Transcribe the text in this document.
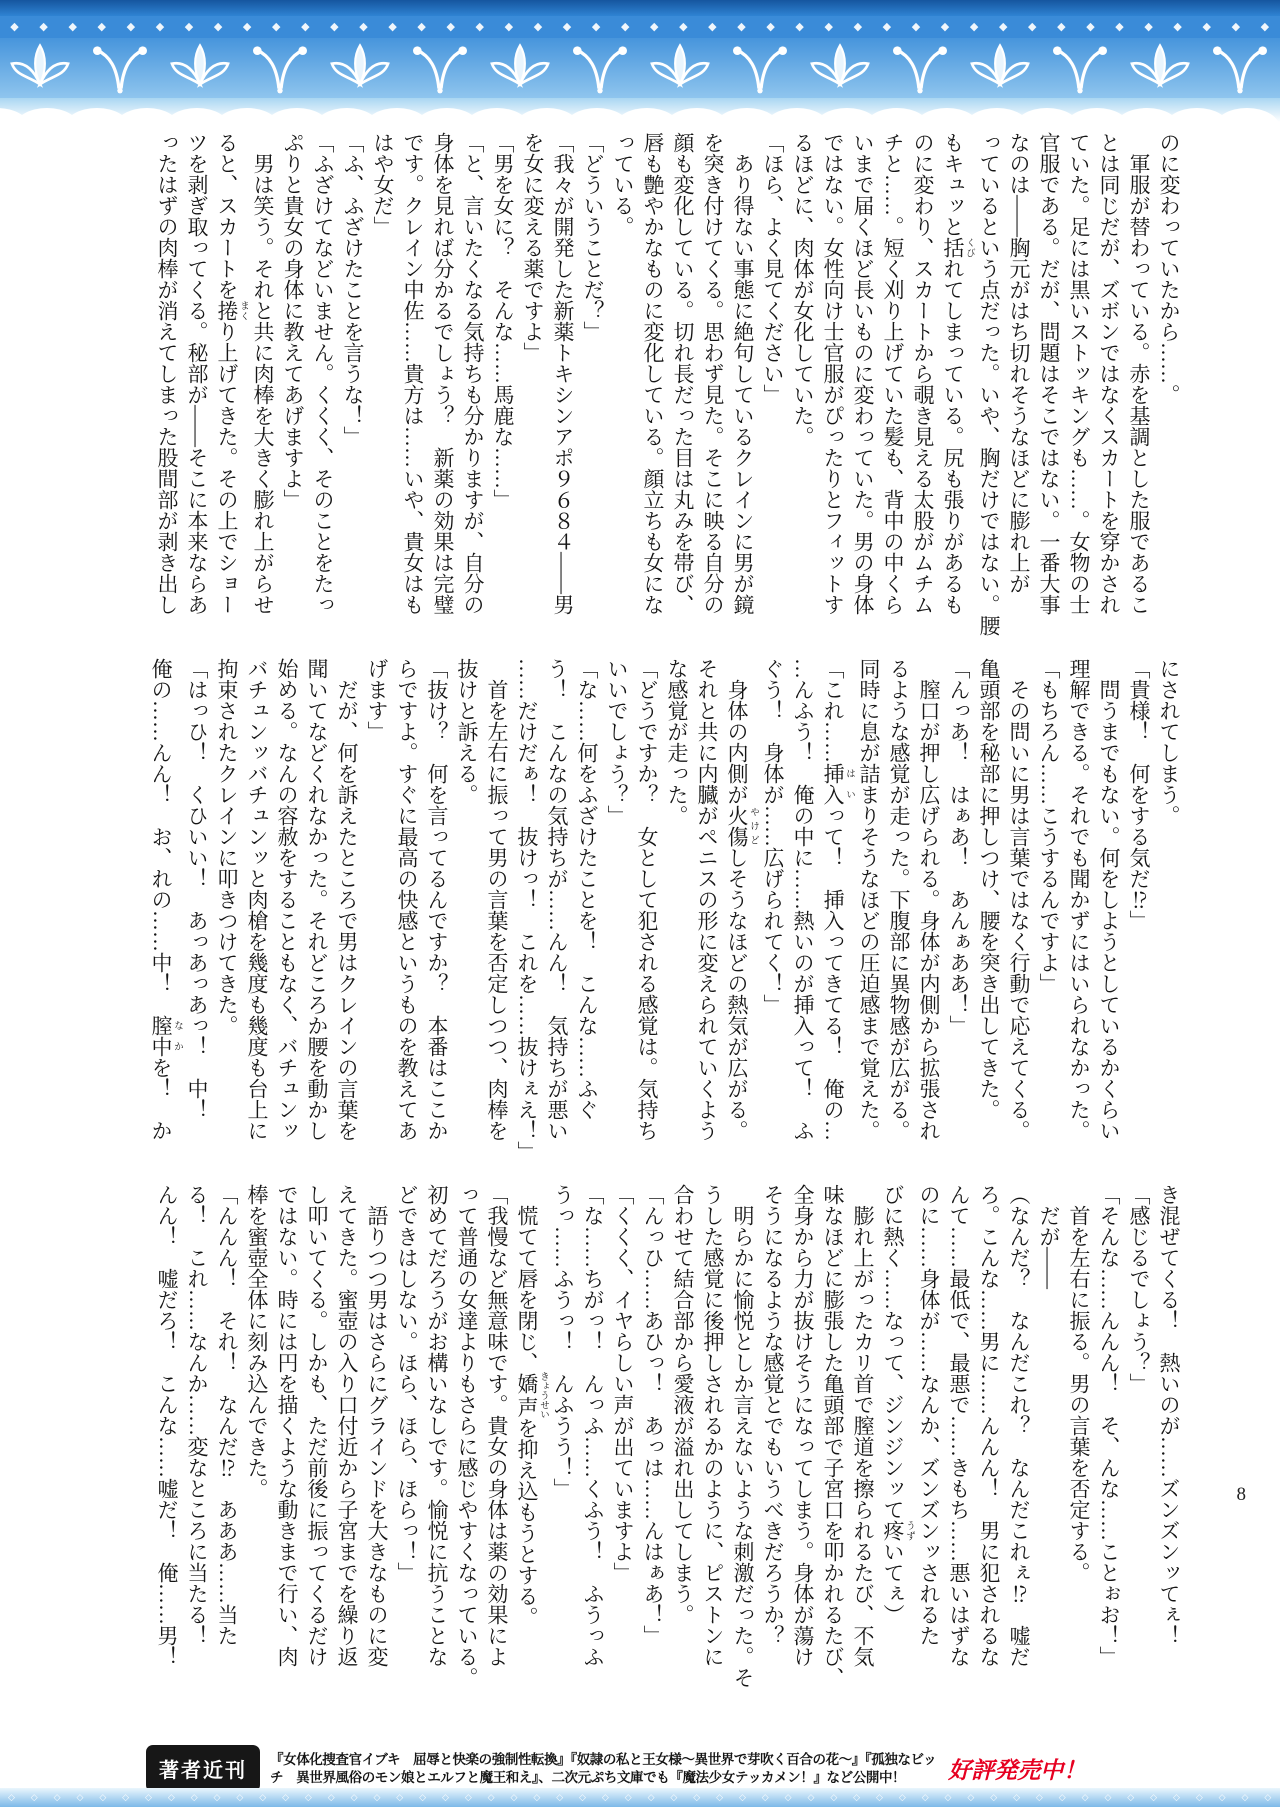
◆ ◆ ◆ ◆ ◆ ◆ ◆ ◆ ◆ ◆ ◆ ◆ ◆ ◆ ◆ ◆ ◆ ◆ ◆ ◆ ◆ ◆ ◆ ◆ ◆ ◆ ◆ ◆ ◆ ◆ ◆ ◆ ◆ ◆ ◆ ◆ ◆ ◆ ◆ ◆ ◆ ◆ ◆ ◆

のに変わっていたから……。

　軍服が替わっている。赤を基調とした服であるこ

とは同じだが、ズボンではなくスカートを穿かされ

ていた。足には黒いストッキングも……。女物の士

官服である。だが、問題はそこではない。一番大事

なのは――胸元がはち切れそうなほどに膨れ上が

っているという点だった。いや、胸だけではない。腰

もキュッと括 くびれてしまっている。尻も張りがあるも

のに変わり、スカートから覗き見える太股がムチム

チと……。短く刈り上げていた髪も、背中の中くら

いまで届くほど長いものに変わっていた。男の身体

ではない。女性向け士官服がぴったりとフィットす

るほどに、肉体が女化していた。

「ほら、よく見てください」

　あり得ない事態に絶句しているクレインに男が鏡

を突き付けてくる。思わず見た。そこに映る自分の

顔も変化している。切れ長だった目は丸みを帯び、

唇も艶やかなものに変化している。顔立ちも女にな

っている。

「どういうことだ？」

「我々が開発した新薬トキシンアポ９６８４――男

を女に変える薬ですよ」

「男を女に？　そんな……馬鹿な……」

「と、言いたくなる気持ちも分かりますが、自分の

身体を見れば分かるでしょう？　新薬の効果は完璧

です。クレイン中佐……貴方は……いや、貴女はも

はや女だ」

「ふ、ふざけたことを言うな！」

「ふざけてなどいません。くくく、そのことをたっ

ぷりと貴女の身体に教えてあげますよ」

　男は笑う。それと共に肉棒を大きく膨れ上がらせ

ると、スカートを捲 まくり上げてきた。その上でショー

ツを剥ぎ取ってくる。秘部が――そこに本来ならあ

ったはずの肉棒が消えてしまった股間部が剥き出し

にされてしまう。

「貴様！　何をする気だ⁉」

　問うまでもない。何をしようとしているかくらい

理解できる。それでも聞かずにはいられなかった。

「もちろん……こうするんですよ」

　その問いに男は言葉ではなく行動で応えてくる。

亀頭部を秘部に押しつけ、腰を突き出してきた。

「んっあ！　はぁあ！　あんぁああ！」

　膣口が押し広げられる。身体が内側から拡張され

るような感覚が走った。下腹部に異物感が広がる。

同時に息が詰まりそうなほどの圧迫感まで覚えた。

「これ……挿入 はいって！　挿入ってきてる！　俺の…

…んふう！　俺の中に……熱いのが挿入って！　ふ

ぐう！　身体が……広げられてく！」

　身体の内側が火傷 やけどしそうなほどの熱気が広がる。

それと共に内臓がペニスの形に変えられていくよう

な感覚が走った。

「どうですか？　女として犯される感覚は。気持ち

いいでしょう？」

「な……何をふざけたことを！　こんな……ふぐ

う！　こんなの気持ちが……んん！　気持ちが悪い

……だけだぁ！　抜けっ！　これを……抜けぇえ！」

　首を左右に振って男の言葉を否定しつつ、肉棒を

抜けと訴える。

「抜け？　何を言ってるんですか？　本番はここか

らですよ。すぐに最高の快感というものを教えてあ

げます」

　だが、何を訴えたところで男はクレインの言葉を

聞いてなどくれなかった。それどころか腰を動かし

始める。なんの容赦をすることもなく、バチュンッ

バチュンッバチュンッと肉槍を幾度も幾度も台上に

拘束されたクレインに叩きつけてきた。

「はっひ！　くひいい！　あっあっあっ！　中！

俺の……んん！　お、れの……中！　膣中 なかを！　か

き混ぜてくる！　熱いのが……ズンズンッてぇ！

「感じるでしょう？」

「そんな……んんん！　そ、んな……ことぉお！」

　首を左右に振る。男の言葉を否定する。

　だが――

（なんだ？　なんだこれ？　なんだこれぇ⁉　嘘だ

ろ。こんな……男に……んんん！　男に犯されるな

んて……最低で、最悪で……きもち……悪いはずな

のに……身体が……なんか、ズンズンッされるた

びに熱く……なって、ジンジンッて疼 うずいてぇ）

　膨れ上がったカリ首で膣道を擦られるたび、不気

味なほどに膨張した亀頭部で子宮口を叩かれるたび、

全身から力が抜けそうになってしまう。身体が蕩け

そうになるような感覚とでもいうべきだろうか？

　明らかに愉悦としか言えないような刺激だった。そ

うした感覚に後押しされるかのように、ピストンに

合わせて結合部から愛液が溢れ出してしまう。

「んっひ……あひっ！　あっは……んはぁあ！」

「くくく、イヤらしい声が出ていますよ」

「な……ちがっ！　んっふ……くふう！　ふうっふ

うっ……ふうっ！　んふうう！」

　慌てて唇を閉じ、嬌声 きょうせいを抑え込もうとする。

「我慢など無意味です。貴女の身体は薬の効果によ

って普通の女達よりもさらに感じやすくなっている。

初めてだろうがお構いなしです。愉悦に抗うことな

どできはしない。ほら、ほら、ほらっ！」

　語りつつ男はさらにグラインドを大きなものに変

えてきた。蜜壺の入り口付近から子宮までを繰り返

し叩いてくる。しかも、ただ前後に振ってくるだけ

ではない。時には円を描くような動きまで行い、肉

棒を蜜壺全体に刻み込んできた。

「んんん！　それ！　なんだ⁉　あああ……当た

る！　これ……なんか……変なところに当たる！

んん！　嘘だろ！　こんな……嘘だ！　俺……男！	8
著者近刊
『女体化捜査官イブキ　屈辱と快楽の強制性転換』『奴隷の私と王女様～異世界で芽吹く百合の花～』『孤独なビッ
チ　異世界風俗のモン娘とエルフと魔王和え』、二次元ぷち文庫でも『魔法少女テッカメン！』など公開中！	好評発売中！
◇ ◇ ◇ ◇ ◇ ◇ ◇ ◇ ◇ ◇ ◇ ◇ ◇ ◇ ◇ ◇ ◇ ◇ ◇ ◇ ◇ ◇ ◇ ◇ ◇ ◇ ◇ ◇ ◇ ◇ ◇ ◇ ◇ ◇ ◇ ◇ ◇ ◇ ◇ ◇ ◇ ◇ ◇ ◇ ◇ ◇ ◇ ◇ ◇ ◇ ◇ ◇ ◇ ◇ ◇ ◇
